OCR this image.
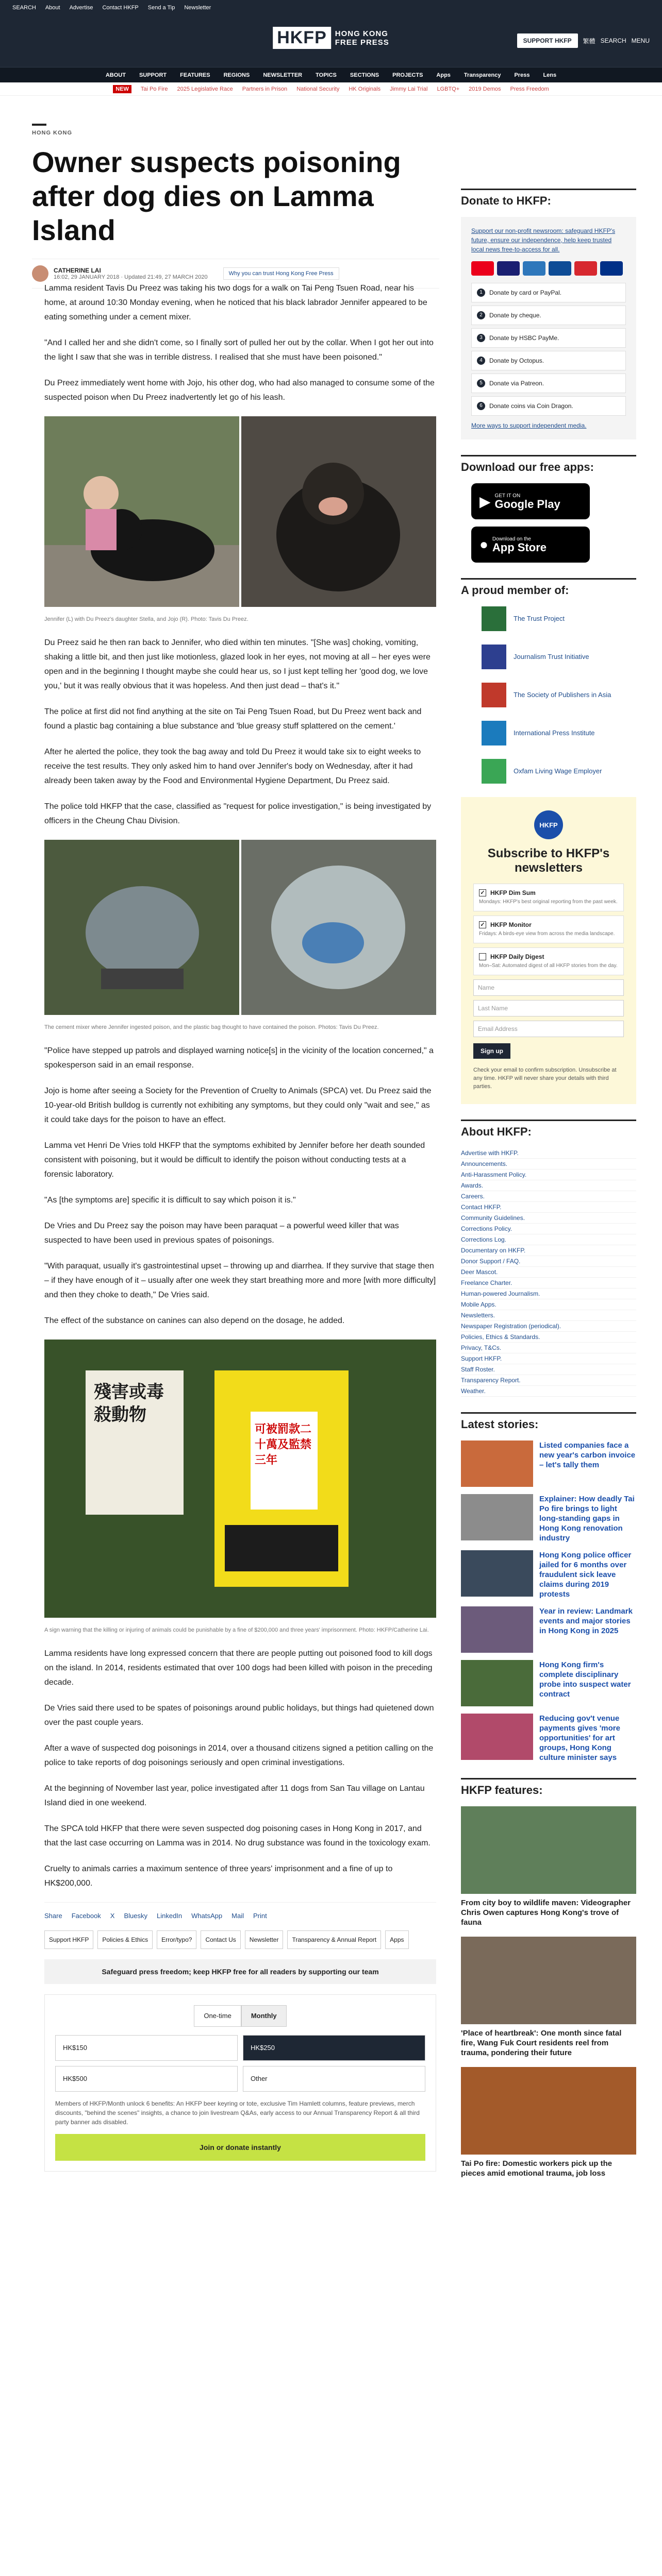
SEARCH About Advertise Contact HKFP Send a Tip Newsletter
HKFP	HONG KONG
FREE PRESS	SUPPORT HKFP	繁體 SEARCH MENU
ABOUT SUPPORT FEATURES REGIONS NEWSLETTER TOPICS SECTIONS PROJECTS Apps Transparency Press Lens
NEW	Tai Po Fire 2025 Legislative Race Partners in Prison National Security HK Originals Jimmy Lai Trial LGBTQ+ 2019 Demos Press Freedom
HONG KONG
Owner suspects poisoning after dog dies on Lamma Island
CATHERINE LAI
16:02, 29 JANUARY 2018 · Updated 21:49, 27 MARCH 2020
Why you can trust Hong Kong Free Press

Lamma resident Tavis Du Preez was taking his two dogs for a walk on Tai Peng Tsuen Road, near his home, at around 10:30 Monday evening, when he noticed that his black labrador Jennifer appeared to be eating something under a cement mixer.

"And I called her and she didn't come, so I finally sort of pulled her out by the collar. When I got her out into the light I saw that she was in terrible distress. I realised that she must have been poisoned."

Du Preez immediately went home with Jojo, his other dog, who had also managed to consume some of the suspected poison when Du Preez inadvertently let go of his leash.

Jennifer (L) with Du Preez's daughter Stella, and Jojo (R). Photo: Tavis Du Preez.

Du Preez said he then ran back to Jennifer, who died within ten minutes. "[She was] choking, vomiting, shaking a little bit, and then just like motionless, glazed look in her eyes, not moving at all – her eyes were open and in the beginning I thought maybe she could hear us, so I just kept telling her 'good dog, we love you,' but it was really obvious that it was hopeless. And then just dead – that's it."

The police at first did not find anything at the site on Tai Peng Tsuen Road, but Du Preez went back and found a plastic bag containing a blue substance and 'blue greasy stuff splattered on the cement.'

After he alerted the police, they took the bag away and told Du Preez it would take six to eight weeks to receive the test results. They only asked him to hand over Jennifer's body on Wednesday, after it had already been taken away by the Food and Environmental Hygiene Department, Du Preez said.

The police told HKFP that the case, classified as "request for police investigation," is being investigated by officers in the Cheung Chau Division.

The cement mixer where Jennifer ingested poison, and the plastic bag thought to have contained the poison. Photos: Tavis Du Preez.

"Police have stepped up patrols and displayed warning notice[s] in the vicinity of the location concerned," a spokesperson said in an email response.

Jojo is home after seeing a Society for the Prevention of Cruelty to Animals (SPCA) vet. Du Preez said the 10-year-old British bulldog is currently not exhibiting any symptoms, but they could only "wait and see," as it could take days for the poison to have an effect.

Lamma vet Henri De Vries told HKFP that the symptoms exhibited by Jennifer before her death sounded consistent with poisoning, but it would be difficult to identify the poison without conducting tests at a forensic laboratory.

"As [the symptoms are] specific it is difficult to say which poison it is."

De Vries and Du Preez say the poison may have been paraquat – a powerful weed killer that was suspected to have been used in previous spates of poisonings.

"With paraquat, usually it's gastrointestinal upset – throwing up and diarrhea. If they survive that stage then – if they have enough of it – usually after one week they start breathing more and more [with more difficulty] and then they choke to death," De Vries said.

The effect of the substance on canines can also depend on the dosage, he added.

殘害或毒殺動物
可被罰款二十萬及監禁三年
A sign warning that the killing or injuring of animals could be punishable by a fine of $200,000 and three years' imprisonment. Photo: HKFP/Catherine Lai.

Lamma residents have long expressed concern that there are people putting out poisoned food to kill dogs on the island. In 2014, residents estimated that over 100 dogs had been killed with poison in the preceding decade.

De Vries said there used to be spates of poisonings around public holidays, but things had quietened down over the past couple years.

After a wave of suspected dog poisonings in 2014, over a thousand citizens signed a petition calling on the police to take reports of dog poisonings seriously and open criminal investigations.

At the beginning of November last year, police investigated after 11 dogs from San Tau village on Lantau Island died in one weekend.

The SPCA told HKFP that there were seven suspected dog poisoning cases in Hong Kong in 2017, and that the last case occurring on Lamma was in 2014. No drug substance was found in the toxicology exam.

Cruelty to animals carries a maximum sentence of three years' imprisonment and a fine of up to HK$200,000.

Share Facebook X Bluesky LinkedIn WhatsApp Mail Print
Support HKFP	Policies & Ethics	Error/typo?	Contact Us	Newsletter	Transparency & Annual Report	Apps
Safeguard press freedom; keep HKFP free for all readers by supporting our team
One-time	Monthly
HK$150	HK$250
HK$500	Other
Members of HKFP/Month unlock 6 benefits: An HKFP beer keyring or tote, exclusive Tim Hamlett columns, feature previews, merch discounts, "behind the scenes" insights, a chance to join livestream Q&As, early access to our Annual Transparency Report & all third party banner ads disabled.
Join or donate instantly
Donate to HKFP:
Support our non-profit newsroom: safeguard HKFP's future, ensure our independence, help keep trusted local news free-to-access for all.
1	Donate by card or PayPal.
2	Donate by cheque.
3	Donate by HSBC PayMe.
4	Donate by Octopus.
5	Donate via Patreon.
6	Donate coins via Coin Dragon.
More ways to support independent media.
Download our free apps:
▶ GET IT ON
Google Play
● Download on the
App Store
A proud member of:
The Trust Project
Journalism Trust Initiative
The Society of Publishers in Asia
International Press Institute
Oxfam Living Wage Employer
HKFP
Subscribe to HKFP's newsletters
✓ HKFP Dim Sum
Mondays: HKFP's best original reporting from the past week.
✓ HKFP Monitor
Fridays: A birds-eye view from across the media landscape.
HKFP Daily Digest
Mon–Sat: Automated digest of all HKFP stories from the day.
Name
Last Name
Email Address
Sign up
Check your email to confirm subscription. Unsubscribe at any time. HKFP will never share your details with third parties.
About HKFP:
Advertise with HKFP.
Announcements.
Anti-Harassment Policy.
Awards.
Careers.
Contact HKFP.
Community Guidelines.
Corrections Policy.
Corrections Log.
Documentary on HKFP.
Donor Support / FAQ.
Deer Mascot.
Freelance Charter.
Human-powered Journalism.
Mobile Apps.
Newsletters.
Newspaper Registration (periodical).
Policies, Ethics & Standards.
Privacy, T&Cs.
Support HKFP.
Staff Roster.
Transparency Report.
Weather.
Latest stories:
Listed companies face a new year's carbon invoice – let's tally them
Explainer: How deadly Tai Po fire brings to light long-standing gaps in Hong Kong renovation industry
Hong Kong police officer jailed for 6 months over fraudulent sick leave claims during 2019 protests
Year in review: Landmark events and major stories in Hong Kong in 2025
Hong Kong firm's complete disciplinary probe into suspect water contract
Reducing gov't venue payments gives 'more opportunities' for art groups, Hong Kong culture minister says
HKFP features:
From city boy to wildlife maven: Videographer Chris Owen captures Hong Kong's trove of fauna
'Place of heartbreak': One month since fatal fire, Wang Fuk Court residents reel from trauma, pondering their future
Tai Po fire: Domestic workers pick up the pieces amid emotional trauma, job loss
